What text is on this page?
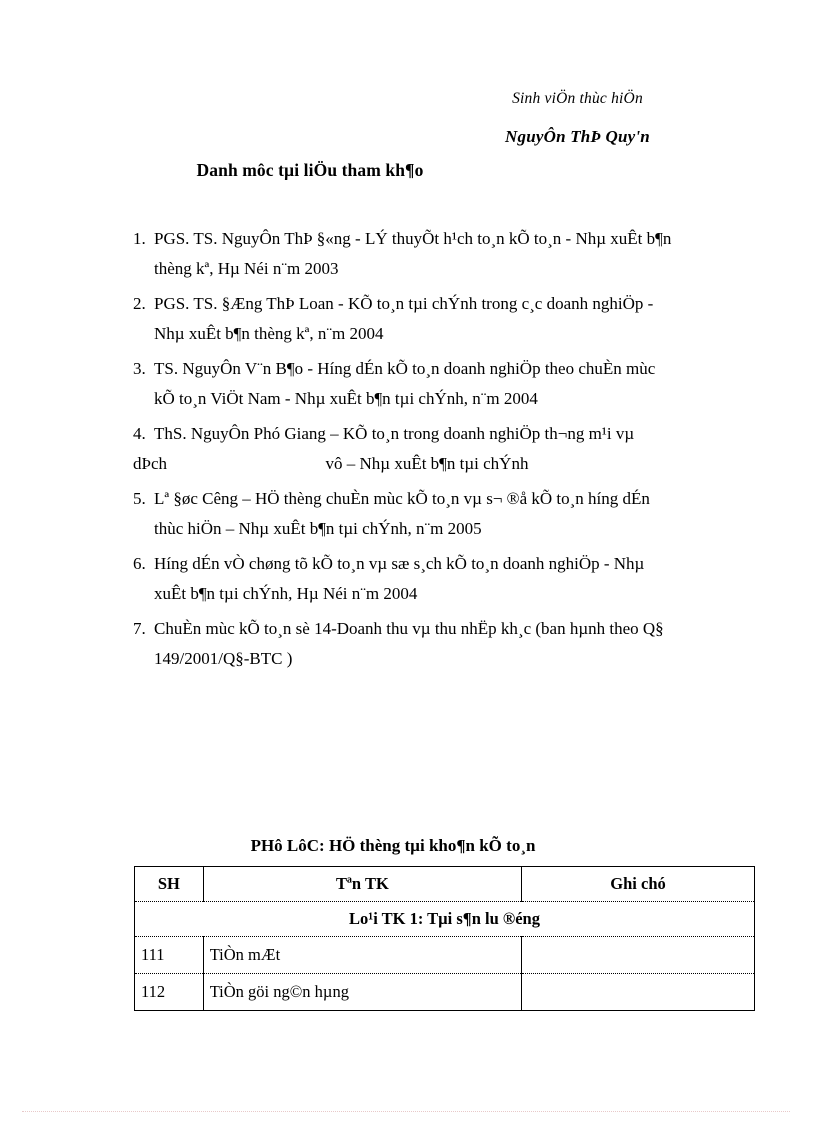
Sinh viÖn thùc hiÖn
NguyÔn ThÞ Quy'n
Danh môc tµi liÖu tham kh¶o
1. PGS. TS. NguyÔn ThÞ §«ng - LÝ thuyÕt h¹ch to¸n kÕ to¸n - Nhµ xuÊt b¶n
thèng kª, Hµ Néi n¨m 2003
2. PGS. TS. §Æng ThÞ Loan - KÕ to¸n tµi chÝnh trong c¸c doanh nghiÖp -
Nhµ xuÊt b¶n thèng kª, n¨m 2004
3. TS. NguyÔn V¨n B¶o - Híng dÉn kÕ to¸n doanh nghiÖp theo chuÈn mùc
kÕ to¸n ViÖt Nam - Nhµ xuÊt b¶n tµi chÝnh, n¨m 2004
4. ThS. NguyÔn Phó Giang – KÕ to¸n trong doanh nghiÖp th¬ng m¹i vµ
dÞch	vô – Nhµ xuÊt b¶n tµi chÝnh
5. Lª §øc Cêng – HÖ thèng chuÈn mùc kÕ to¸n vµ s¬ ®å kÕ to¸n híng dÉn
thùc hiÖn – Nhµ xuÊt b¶n tµi chÝnh, n¨m 2005
6. Híng dÉn vÒ chøng tõ kÕ to¸n vµ sæ s¸ch kÕ to¸n doanh nghiÖp - Nhµ
xuÊt b¶n tµi chÝnh, Hµ Néi n¨m 2004
7. ChuÈn mùc kÕ to¸n sè 14-Doanh thu vµ thu nhËp kh¸c (ban hµnh theo Q§
149/2001/Q§-BTC )
PHô LôC: HÖ thèng tµi kho¶n kÕ to¸n
SH	Tªn TK	Ghi chó
Lo¹i TK 1: Tµi s¶n lu ®éng		
111	TiÒn mÆt	
112	TiÒn göi ng©n hµng	
